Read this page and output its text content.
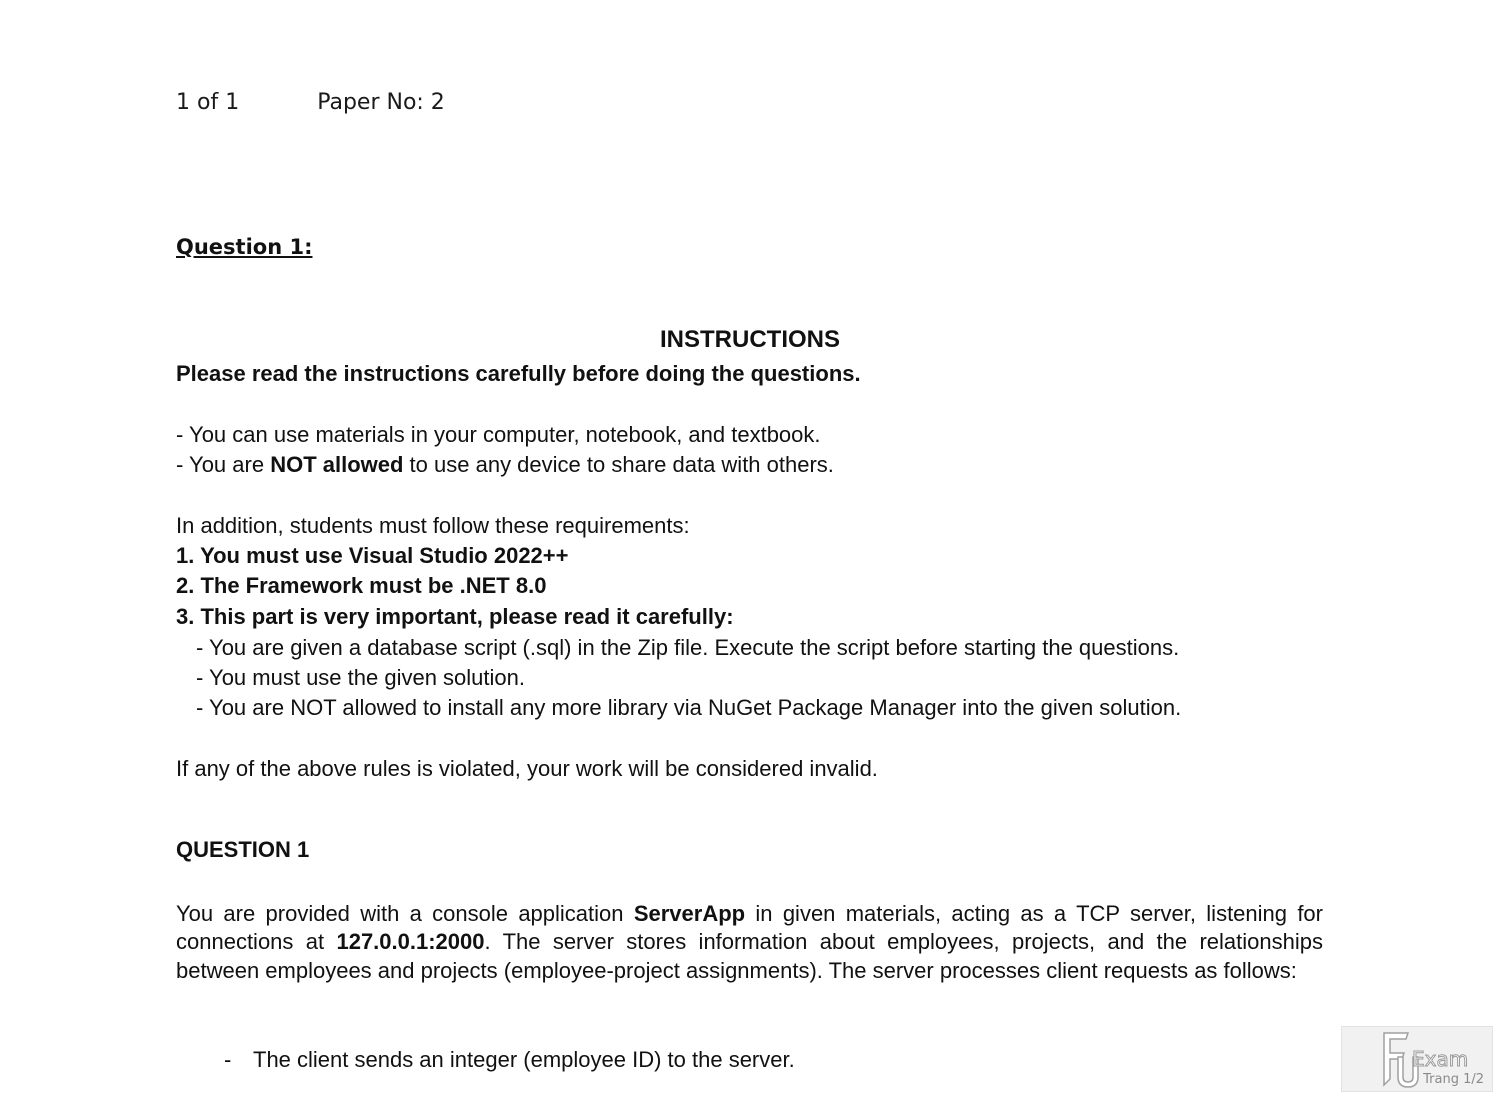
1 of 1	Paper No: 2
Question 1:
INSTRUCTIONS
Please read the instructions carefully before doing the questions.
- You can use materials in your computer, notebook, and textbook.
- You are NOT allowed to use any device to share data with others.
In addition, students must follow these requirements:
1. You must use Visual Studio 2022++
2. The Framework must be .NET 8.0
3. This part is very important, please read it carefully:
- You are given a database script (.sql) in the Zip file. Execute the script before starting the questions.
- You must use the given solution.
- You are NOT allowed to install any more library via NuGet Package Manager into the given solution.
If any of the above rules is violated, your work will be considered invalid.
QUESTION 1
You are provided with a console application ServerApp in given materials, acting as a TCP server, listening for connections at 127.0.0.1:2000. The server stores information about employees, projects, and the relationships between employees and projects (employee-project assignments). The server processes client requests as follows:
- The client sends an integer (employee ID) to the server.	Exam
Trang 1/2
